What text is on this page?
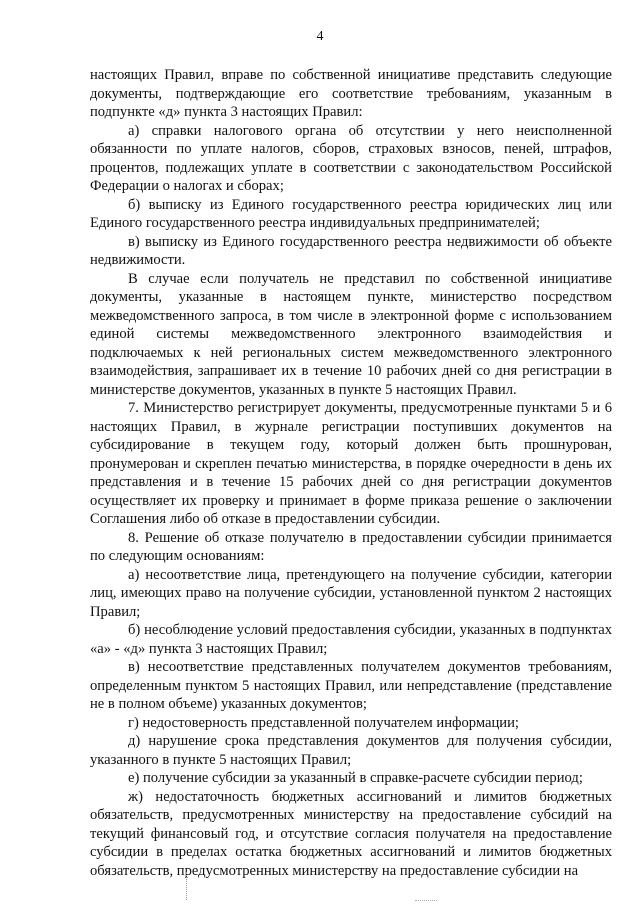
4

настоящих Правил, вправе по собственной инициативе представить следующие документы, подтверждающие его соответствие требованиям, указанным в подпункте «д» пункта 3 настоящих Правил:

а) справки налогового органа об отсутствии у него неисполненной обязанности по уплате налогов, сборов, страховых взносов, пеней, штрафов, процентов, подлежащих уплате в соответствии с законодательством Российской Федерации о налогах и сборах;

б) выписку из Единого государственного реестра юридических лиц или Единого государственного реестра индивидуальных предпринимателей;

в) выписку из Единого государственного реестра недвижимости об объекте недвижимости.

В случае если получатель не представил по собственной инициативе документы, указанные в настоящем пункте, министерство посредством межведомственного запроса, в том числе в электронной форме с использованием единой системы межведомственного электронного взаимодействия и подключаемых к ней региональных систем межведомственного электронного взаимодействия, запрашивает их в течение 10 рабочих дней со дня регистрации в министерстве документов, указанных в пункте 5 настоящих Правил.

7. Министерство регистрирует документы, предусмотренные пунктами 5 и 6 настоящих Правил, в журнале регистрации поступивших документов на субсидирование в текущем году, который должен быть прошнурован, пронумерован и скреплен печатью министерства, в порядке очередности в день их представления и в течение 15 рабочих дней со дня регистрации документов осуществляет их проверку и принимает в форме приказа решение о заключении Соглашения либо об отказе в предоставлении субсидии.

8. Решение об отказе получателю в предоставлении субсидии принимается по следующим основаниям:

а) несоответствие лица, претендующего на получение субсидии, категории лиц, имеющих право на получение субсидии, установленной пунктом 2 настоящих Правил;

б) несоблюдение условий предоставления субсидии, указанных в подпунктах «а» - «д» пункта 3 настоящих Правил;

в) несоответствие представленных получателем документов требованиям, определенным пунктом 5 настоящих Правил, или непредставление (представление не в полном объеме) указанных документов;

г) недостоверность представленной получателем информации;

д) нарушение срока представления документов для получения субсидии, указанного в пункте 5 настоящих Правил;

е) получение субсидии за указанный в справке-расчете субсидии период;

ж) недостаточность бюджетных ассигнований и лимитов бюджетных обязательств, предусмотренных министерству на предоставление субсидий на текущий финансовый год, и отсутствие согласия получателя на предоставление субсидии в пределах остатка бюджетных ассигнований и лимитов бюджетных обязательств, предусмотренных министерству на предоставление субсидии на
